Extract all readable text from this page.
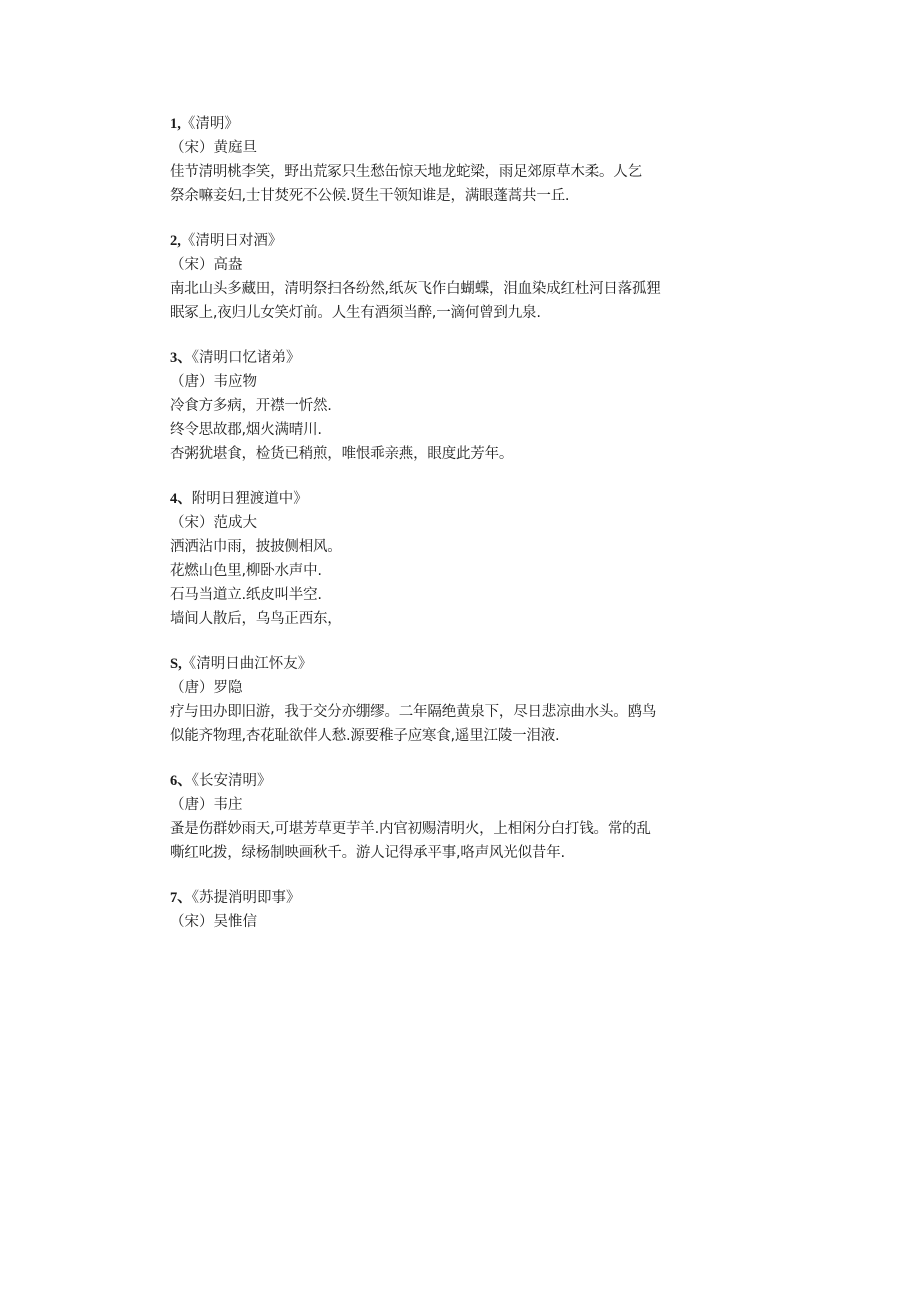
1,《清明》
（宋）黄庭旦
佳节清明桃李笑，野出荒冢只生愁缶惊天地龙蛇梁，雨足郊原草木柔。人乞
祭余嘛妾妇,士甘焚死不公候.贤生干领知谁是，满眼蓬蒿共一丘.
2,《清明日对酒》
（宋）高盎
南北山头多藏田，清明祭扫各纷然,纸灰飞作白蝴蝶，泪血染成红杜河日落孤狸
眠冢上,夜归儿女笑灯前。人生有酒须当醉,一滴何曾到九泉.
3、《清明口忆诸弟》
（唐）韦应物
冷食方多病，开襟一忻然.
终令思故郡,烟火满晴川.
杏粥犹堪食，检货已稍煎，唯恨乖亲燕，眼度此芳年。
4、附明日狸渡道中》
（宋）范成大
洒洒沾巾雨，披披侧相风。
花燃山色里,柳卧水声中.
石马当道立.纸皮叫半空.
墙间人散后，乌鸟正西东，
S,《清明日曲江怀友》
（唐）罗隐
疗与田办即旧游，我于交分亦绷缪。二年隔绝黄泉下，尽日悲凉曲水头。鸥鸟
似能齐物理,杏花耻欲伴人愁.源要稚子应寒食,遥里江陵一泪液.
6、《长安清明》
（唐）韦庄
蚤是伤群妙雨天,可堪芳草更芋羊.内官初赐清明火，上相闲分白打钱。常的乱
嘶红叱拨，绿杨制映画秋千。游人记得承平事,咯声风光似昔年.
7、《苏提消明即事》
（宋）吴惟信
